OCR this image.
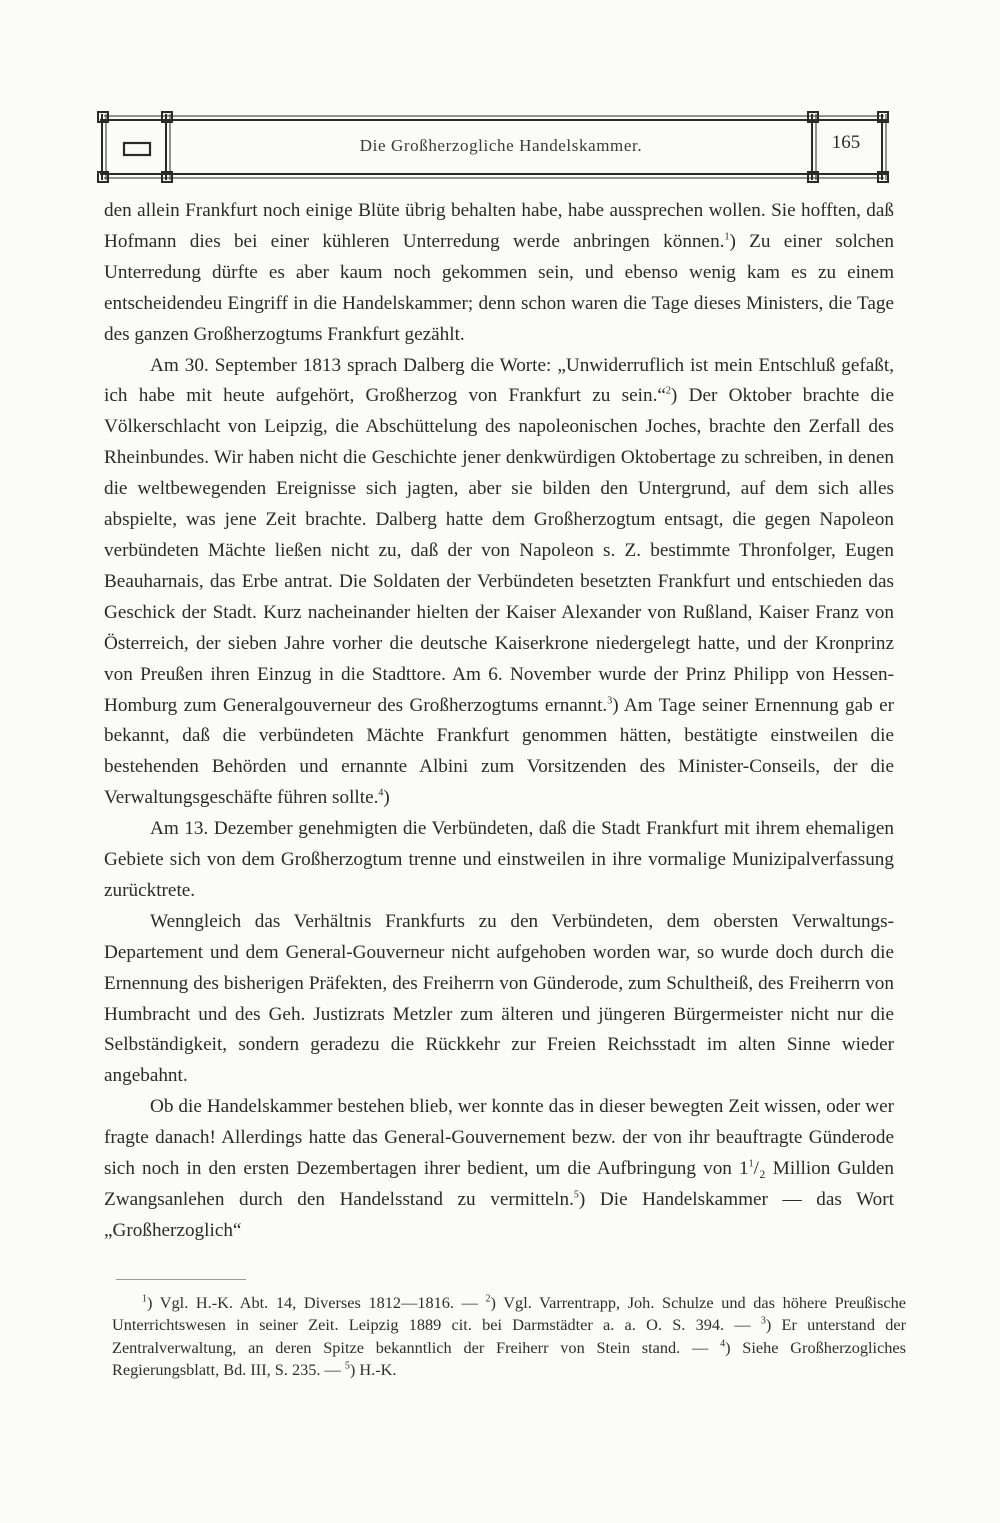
Die Großherzogliche Handelskammer.	165

den allein Frankfurt noch einige Blüte übrig behalten habe, habe aussprechen wollen. Sie hofften, daß Hofmann dies bei einer kühleren Unterredung werde anbringen können.$^1$) Zu einer solchen Unterredung dürfte es aber kaum noch gekommen sein, und ebenso wenig kam es zu einem entscheidendeu Eingriff in die Handelskammer; denn schon waren die Tage dieses Ministers, die Tage des ganzen Großherzogtums Frankfurt gezählt.

Am 30. September 1813 sprach Dalberg die Worte: „Unwiderruflich ist mein Entschluß gefaßt, ich habe mit heute aufgehört, Großherzog von Frankfurt zu sein.“$^2$) Der Oktober brachte die Völkerschlacht von Leipzig, die Abschüttelung des napoleonischen Joches, brachte den Zerfall des Rheinbundes. Wir haben nicht die Geschichte jener denkwürdigen Oktobertage zu schreiben, in denen die weltbewegenden Ereignisse sich jagten, aber sie bilden den Untergrund, auf dem sich alles abspielte, was jene Zeit brachte. Dalberg hatte dem Großherzogtum entsagt, die gegen Napoleon verbündeten Mächte ließen nicht zu, daß der von Napoleon s. Z. bestimmte Thronfolger, Eugen Beauharnais, das Erbe antrat. Die Soldaten der Verbündeten besetzten Frankfurt und entschieden das Geschick der Stadt. Kurz nacheinander hielten der Kaiser Alexander von Rußland, Kaiser Franz von Österreich, der sieben Jahre vorher die deutsche Kaiserkrone niedergelegt hatte, und der Kronprinz von Preußen ihren Einzug in die Stadttore. Am 6. November wurde der Prinz Philipp von Hessen-Homburg zum Generalgouverneur des Großherzogtums ernannt.$^3$) Am Tage seiner Ernennung gab er bekannt, daß die verbündeten Mächte Frankfurt genommen hätten, bestätigte einstweilen die bestehenden Behörden und ernannte Albini zum Vorsitzenden des Minister-Conseils, der die Verwaltungsgeschäfte führen sollte.$^4$)

Am 13. Dezember genehmigten die Verbündeten, daß die Stadt Frankfurt mit ihrem ehemaligen Gebiete sich von dem Großherzogtum trenne und einstweilen in ihre vormalige Munizipalverfassung zurücktrete.

Wenngleich das Verhältnis Frankfurts zu den Verbündeten, dem obersten Verwaltungs-Departement und dem General-Gouverneur nicht aufgehoben worden war, so wurde doch durch die Ernennung des bisherigen Präfekten, des Freiherrn von Günderode, zum Schultheiß, des Freiherrn von Humbracht und des Geh. Justizrats Metzler zum älteren und jüngeren Bürgermeister nicht nur die Selbständigkeit, sondern geradezu die Rückkehr zur Freien Reichsstadt im alten Sinne wieder angebahnt.

Ob die Handelskammer bestehen blieb, wer konnte das in dieser bewegten Zeit wissen, oder wer fragte danach! Allerdings hatte das General-Gouvernement bezw. der von ihr beauftragte Günderode sich noch in den ersten Dezembertagen ihrer bedient, um die Aufbringung von $1^1/_2$ Million Gulden Zwangsanlehen durch den Handelsstand zu vermitteln.$^5$) Die Handelskammer — das Wort „Großherzoglich“

$^1$) Vgl. H.-K. Abt. 14, Diverses 1812—1816. — $^2$) Vgl. Varrentrapp, Joh. Schulze und das höhere Preußische Unterrichtswesen in seiner Zeit. Leipzig 1889 cit. bei Darmstädter a. a. O. S. 394. — $^3$) Er unterstand der Zentralverwaltung, an deren Spitze bekanntlich der Freiherr von Stein stand. — $^4$) Siehe Großherzogliches Regierungsblatt, Bd. III, S. 235. — $^5$) H.-K.
